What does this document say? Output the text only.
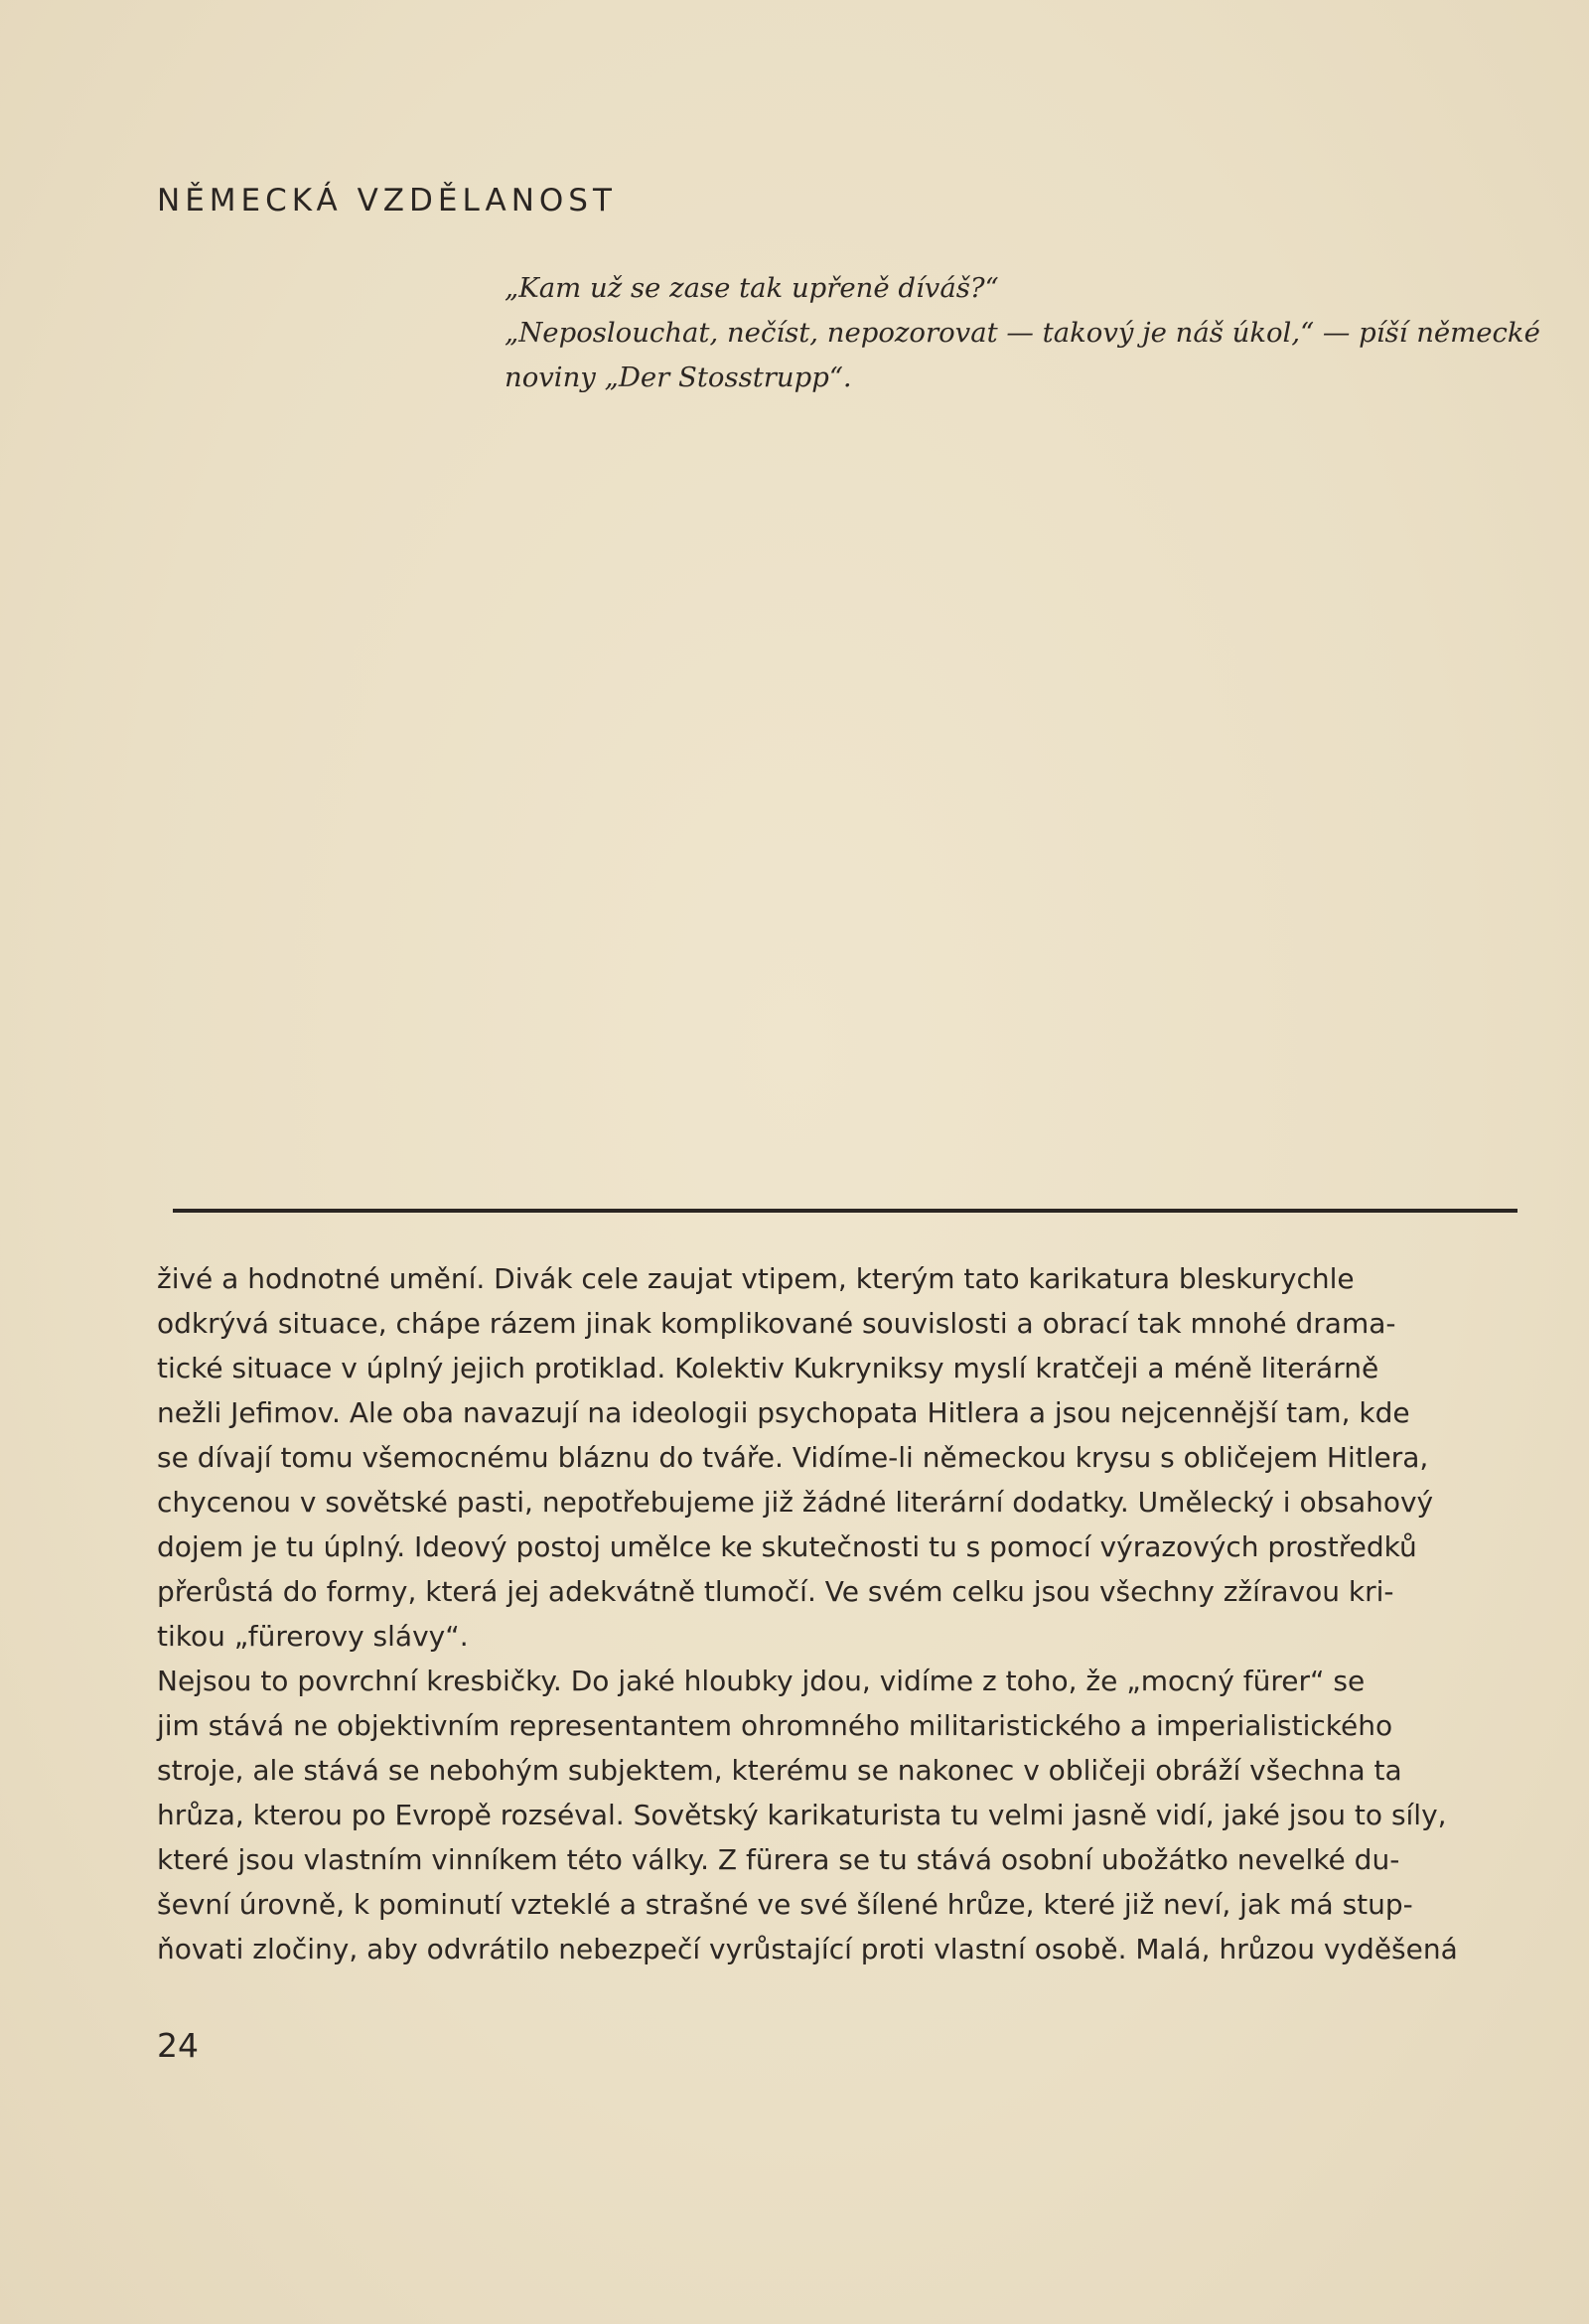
NĚMECKÁ VZDĚLANOST
„Kam už se zase tak upřeně díváš?“
„Neposlouchat, nečíst, nepozorovat — takový je náš úkol,“ — píší německé
noviny „Der Stosstrupp“.
živé a hodnotné umění. Divák cele zaujat vtipem, kterým tato karikatura bleskurychle
odkrývá situace, chápe rázem jinak komplikované souvislosti a obrací tak mnohé drama-
tické situace v úplný jejich protiklad. Kolektiv Kukryniksy myslí kratčeji a méně literárně
nežli Jefimov. Ale oba navazují na ideologii psychopata Hitlera a jsou nejcennější tam, kde
se dívají tomu všemocnému bláznu do tváře. Vidíme-li německou krysu s obličejem Hitlera,
chycenou v sovětské pasti, nepotřebujeme již žádné literární dodatky. Umělecký i obsahový
dojem je tu úplný. Ideový postoj umělce ke skutečnosti tu s pomocí výrazových prostředků
přerůstá do formy, která jej adekvátně tlumočí. Ve svém celku jsou všechny zžíravou kri-
tikou „fürerovy slávy“.
Nejsou to povrchní kresbičky. Do jaké hloubky jdou, vidíme z toho, že „mocný fürer“ se
jim stává ne objektivním representantem ohromného militaristického a imperialistického
stroje, ale stává se nebohým subjektem, kterému se nakonec v obličeji obráží všechna ta
hrůza, kterou po Evropě rozséval. Sovětský karikaturista tu velmi jasně vidí, jaké jsou to síly,
které jsou vlastním vinníkem této války. Z fürera se tu stává osobní ubožátko nevelké du-
ševní úrovně, k pominutí vzteklé a strašné ve své šílené hrůze, které již neví, jak má stup-
ňovati zločiny, aby odvrátilo nebezpečí vyrůstající proti vlastní osobě. Malá, hrůzou vyděšená
24
